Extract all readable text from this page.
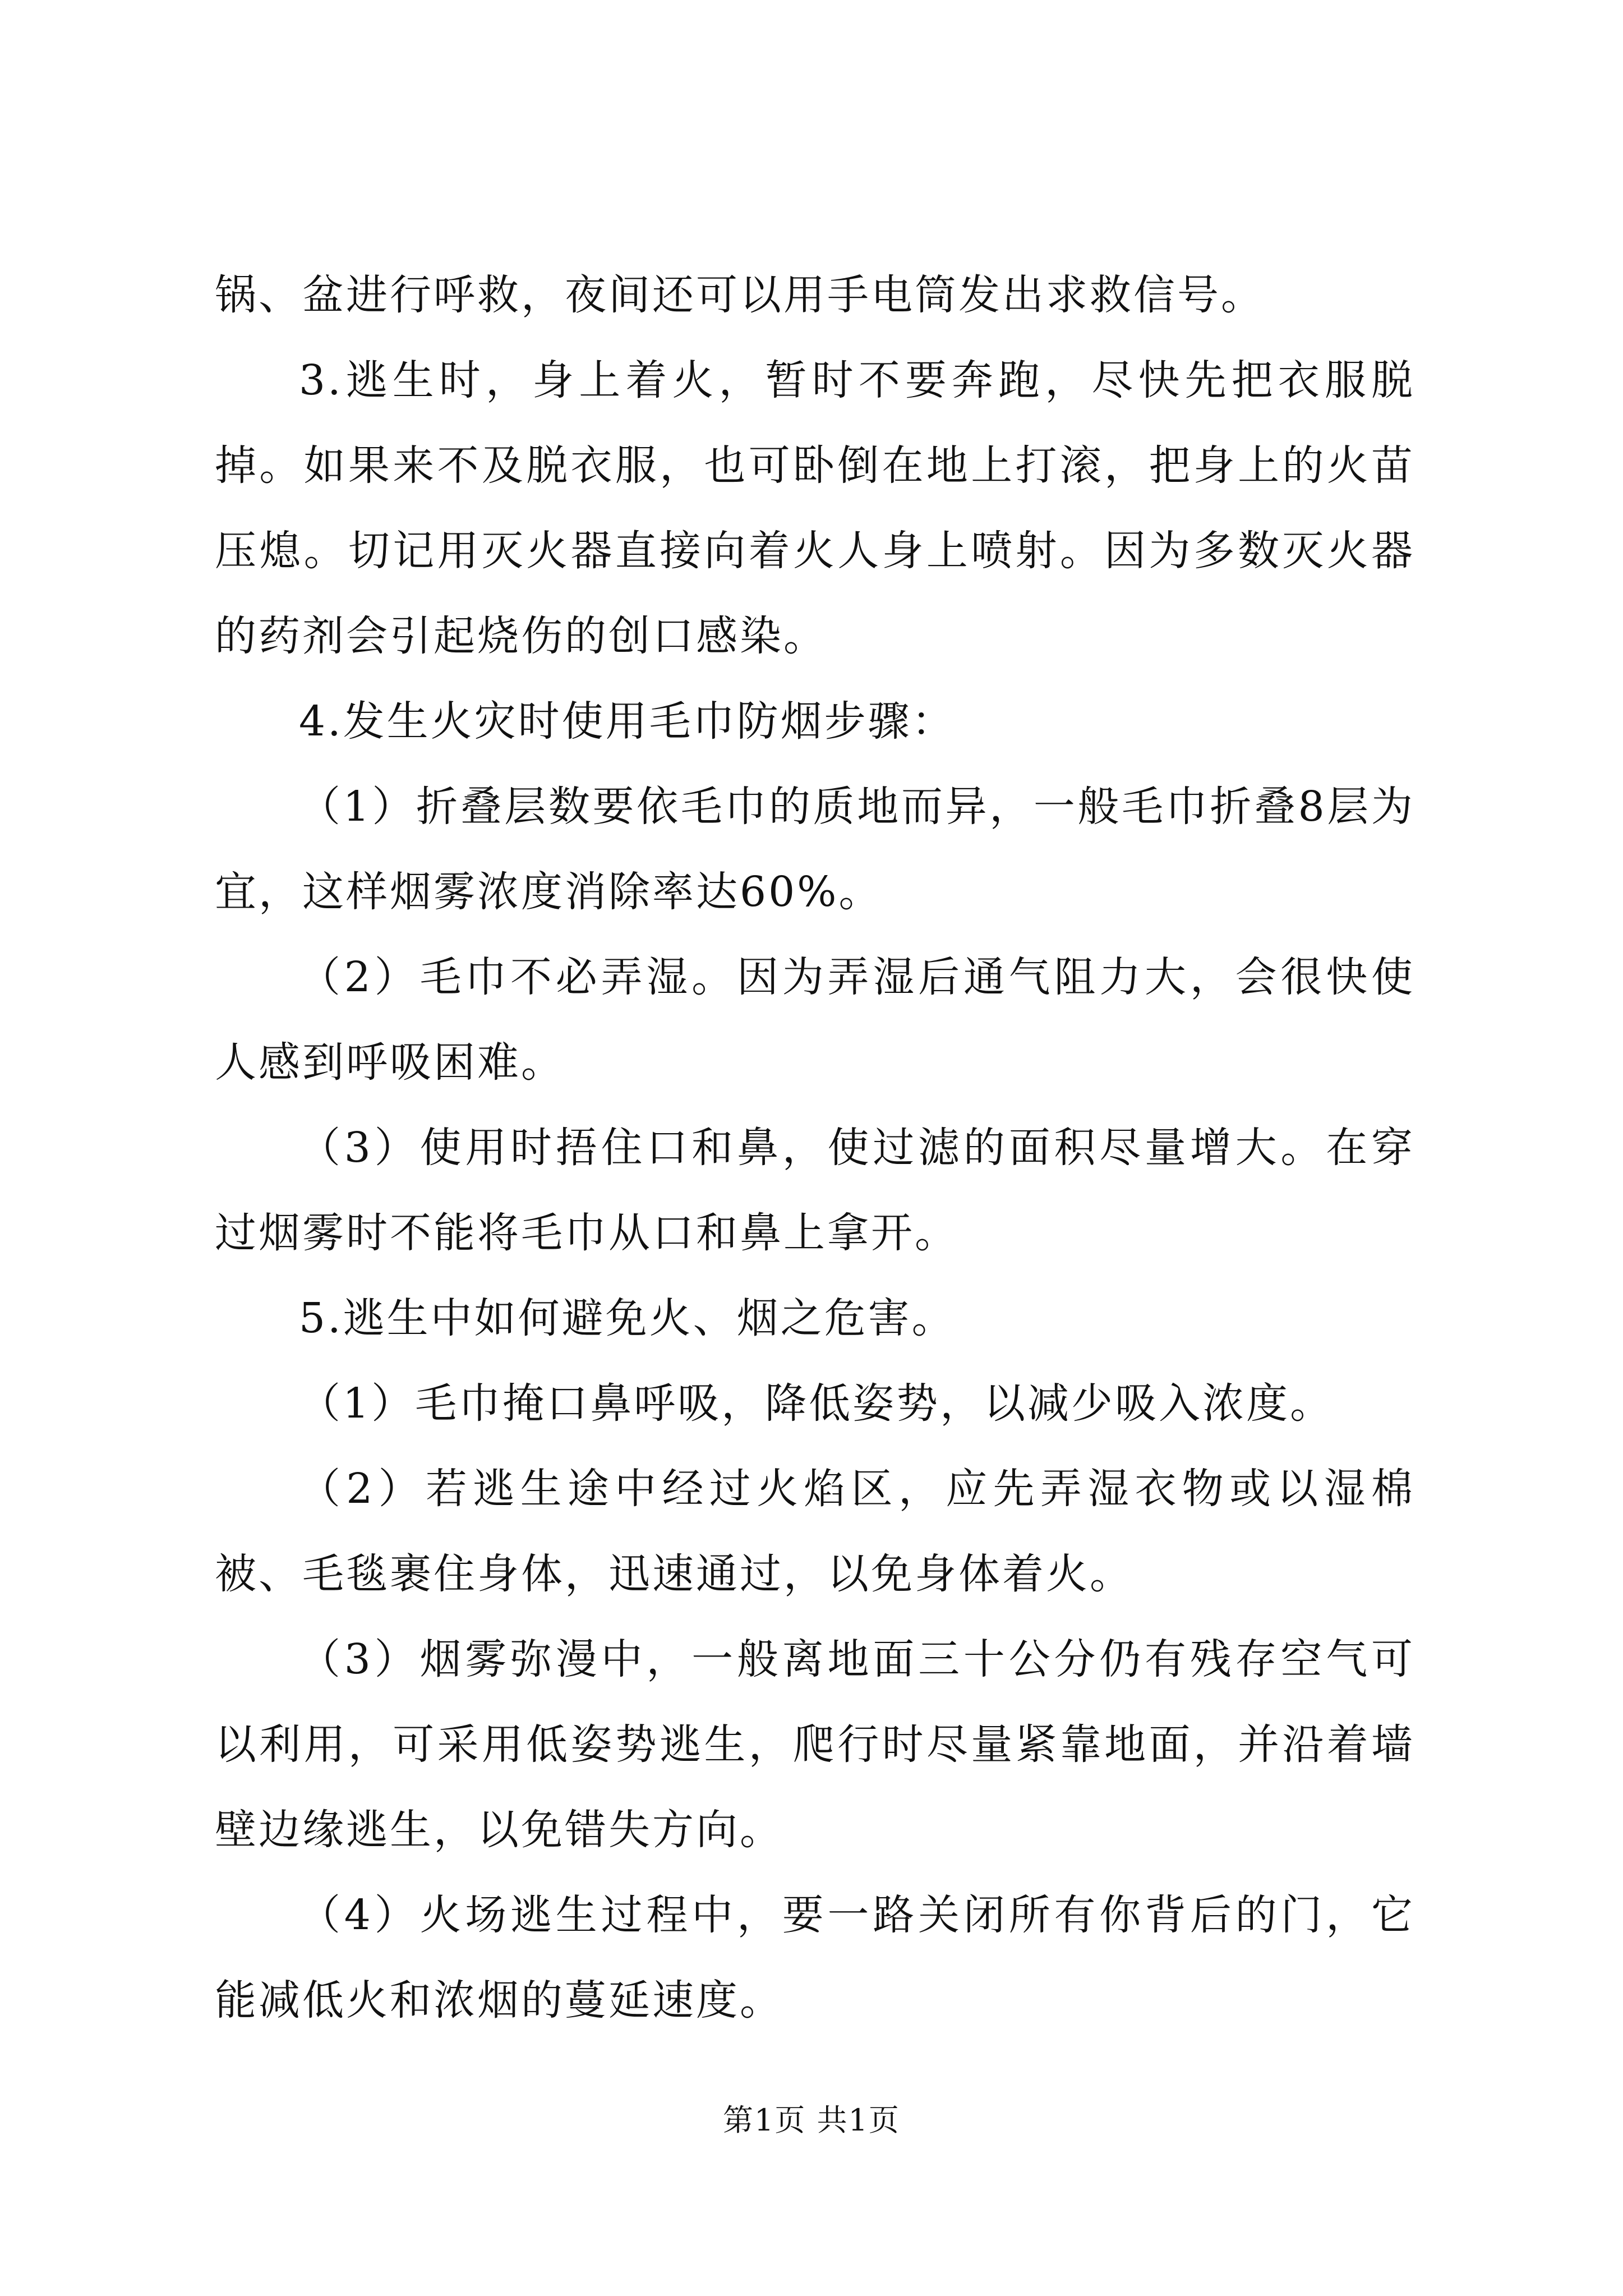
锅、盆进行呼救，夜间还可以用手电筒发出求救信号。

3.逃生时，身上着火，暂时不要奔跑，尽快先把衣服脱掉。如果来不及脱衣服，也可卧倒在地上打滚，把身上的火苗压熄。切记用灭火器直接向着火人身上喷射。因为多数灭火器的药剂会引起烧伤的创口感染。

4.发生火灾时使用毛巾防烟步骤：

（1）折叠层数要依毛巾的质地而异，一般毛巾折叠8层为宜，这样烟雾浓度消除率达60%。

（2）毛巾不必弄湿。因为弄湿后通气阻力大，会很快使人感到呼吸困难。

（3）使用时捂住口和鼻，使过滤的面积尽量增大。在穿过烟雾时不能将毛巾从口和鼻上拿开。

5.逃生中如何避免火、烟之危害。

（1）毛巾掩口鼻呼吸，降低姿势，以减少吸入浓度。

（2）若逃生途中经过火焰区，应先弄湿衣物或以湿棉被、毛毯裹住身体，迅速通过，以免身体着火。

（3）烟雾弥漫中，一般离地面三十公分仍有残存空气可以利用，可采用低姿势逃生，爬行时尽量紧靠地面，并沿着墙壁边缘逃生，以免错失方向。

（4）火场逃生过程中，要一路关闭所有你背后的门，它能减低火和浓烟的蔓延速度。

第1页 共1页
